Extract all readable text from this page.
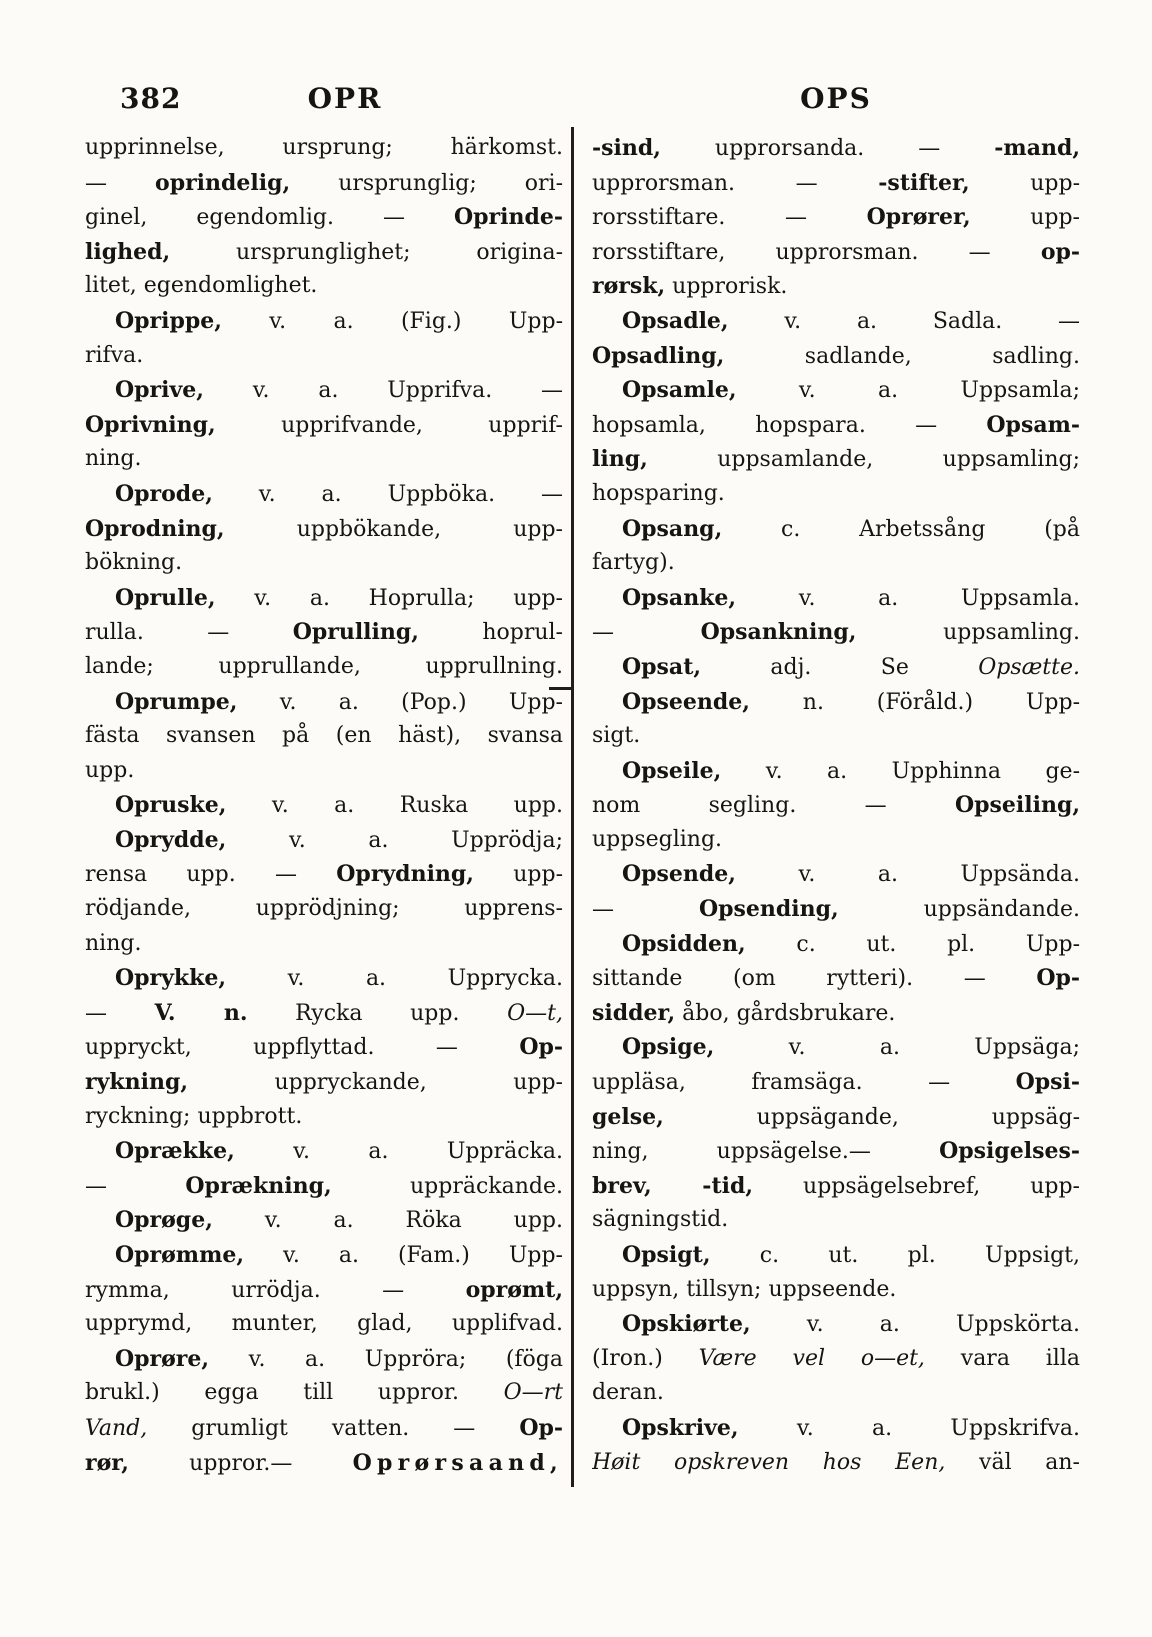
382	OPR	OPS
upprinnelse, ursprung; härkomst.
— oprindelig, ursprunglig; ori-
ginel, egendomlig. — Oprinde-
lighed, ursprunglighet; origina-
litet, egendomlighet.
Oprippe, v. a. (Fig.) Upp-
rifva.
Oprive, v. a. Upprifva. —
Oprivning, upprifvande, upprif-
ning.
Oprode, v. a. Uppböka. —
Oprodning, uppbökande, upp-
bökning.
Oprulle, v. a. Hoprulla; upp-
rulla. — Oprulling, hoprul-
lande; upprullande, upprullning.
Oprumpe, v. a. (Pop.) Upp-
fästa svansen på (en häst), svansa
upp.
Opruske, v. a. Ruska upp.
Oprydde, v. a. Upprödja;
rensa upp. — Oprydning, upp-
rödjande, upprödjning; upprens-
ning.
Oprykke, v. a. Upprycka.
— V. n. Rycka upp. O—t,
uppryckt, uppflyttad. — Op-
rykning, uppryckande, upp-
ryckning; uppbrott.
Oprække, v. a. Uppräcka.
— Oprækning, uppräckande.
Oprøge, v. a. Röka upp.
Oprømme, v. a. (Fam.) Upp-
rymma, urrödja. — oprømt,
upprymd, munter, glad, upplifvad.
Oprøre, v. a. Uppröra; (föga
brukl.) egga till uppror. O—rt
Vand, grumligt vatten. — Op-
rør, uppror.— Oprørsaand,
-sind, upprorsanda. — -mand,
upprorsman. — -stifter, upp-
rorsstiftare. — Oprører, upp-
rorsstiftare, upprorsman. — op-
rørsk, upprorisk.
Opsadle, v. a. Sadla. —
Opsadling, sadlande, sadling.
Opsamle, v. a. Uppsamla;
hopsamla, hopspara. — Opsam-
ling, uppsamlande, uppsamling;
hopsparing.
Opsang, c. Arbetssång (på
fartyg).
Opsanke, v. a. Uppsamla.
— Opsankning, uppsamling.
Opsat, adj. Se Opsætte.
Opseende, n. (Föråld.) Upp-
sigt.
Opseile, v. a. Upphinna ge-
nom segling. — Opseiling,
uppsegling.
Opsende, v. a. Uppsända.
— Opsending, uppsändande.
Opsidden, c. ut. pl. Upp-
sittande (om rytteri). — Op-
sidder, åbo, gårdsbrukare.
Opsige, v. a. Uppsäga;
uppläsa, framsäga. — Opsi-
gelse, uppsägande, uppsäg-
ning, uppsägelse.— Opsigelses-
brev, -tid, uppsägelsebref, upp-
sägningstid.
Opsigt, c. ut. pl. Uppsigt,
uppsyn, tillsyn; uppseende.
Opskiørte, v. a. Uppskörta.
(Iron.) Være vel o—et, vara illa
deran.
Opskrive, v. a. Uppskrifva.
Høit opskreven hos Een, väl an-
